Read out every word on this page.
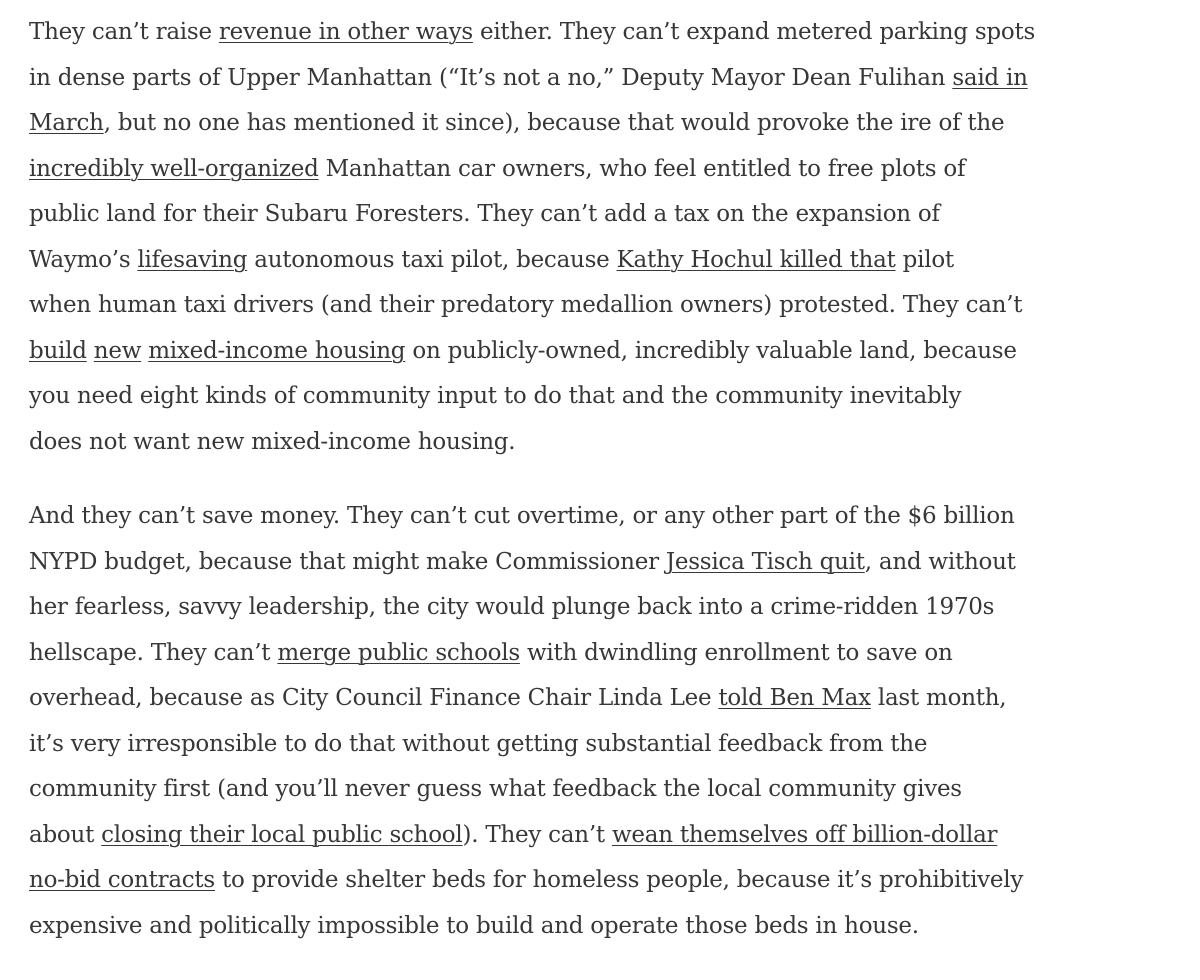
They can’t raise revenue in other ways either. They can’t expand metered parking spots
in dense parts of Upper Manhattan (“It’s not a no,” Deputy Mayor Dean Fulihan said in
March, but no one has mentioned it since), because that would provoke the ire of the
incredibly well-organized Manhattan car owners, who feel entitled to free plots of
public land for their Subaru Foresters. They can’t add a tax on the expansion of
Waymo’s lifesaving autonomous taxi pilot, because Kathy Hochul killed that pilot
when human taxi drivers (and their predatory medallion owners) protested. They can’t
build new mixed-income housing on publicly-owned, incredibly valuable land, because
you need eight kinds of community input to do that and the community inevitably
does not want new mixed-income housing.

And they can’t save money. They can’t cut overtime, or any other part of the $6 billion
NYPD budget, because that might make Commissioner Jessica Tisch quit, and without
her fearless, savvy leadership, the city would plunge back into a crime-ridden 1970s
hellscape. They can’t merge public schools with dwindling enrollment to save on
overhead, because as City Council Finance Chair Linda Lee told Ben Max last month,
it’s very irresponsible to do that without getting substantial feedback from the
community first (and you’ll never guess what feedback the local community gives
about closing their local public school). They can’t wean themselves off billion-dollar
no-bid contracts to provide shelter beds for homeless people, because it’s prohibitively
expensive and politically impossible to build and operate those beds in house.
